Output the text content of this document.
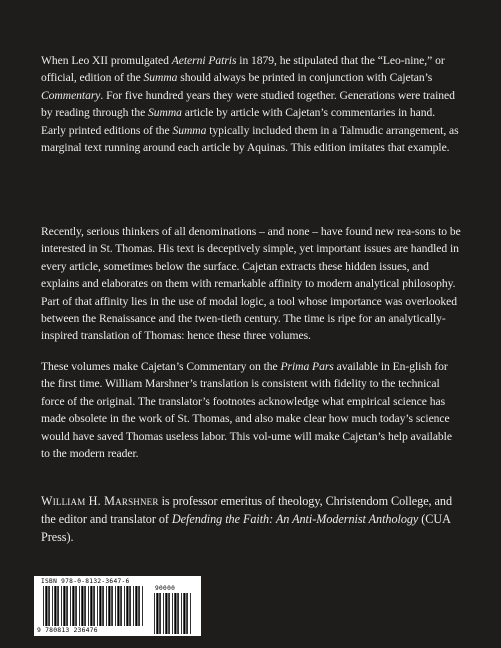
When Leo XII promulgated Aeterni Patris in 1879, he stipulated that the “Leo-nine,” or official, edition of the Summa should always be printed in conjunction with Cajetan’s Commentary. For five hundred years they were studied together. Generations were trained by reading through the Summa article by article with Cajetan’s commentaries in hand. Early printed editions of the Summa typically included them in a Talmudic arrangement, as marginal text running around each article by Aquinas. This edition imitates that example.
Recently, serious thinkers of all denominations – and none – have found new rea-sons to be interested in St. Thomas. His text is deceptively simple, yet important issues are handled in every article, sometimes below the surface. Cajetan extracts these hidden issues, and explains and elaborates on them with remarkable affinity to modern analytical philosophy. Part of that affinity lies in the use of modal logic, a tool whose importance was overlooked between the Renaissance and the twen-tieth century. The time is ripe for an analytically-inspired translation of Thomas: hence these three volumes.
These volumes make Cajetan’s Commentary on the Prima Pars available in En-glish for the first time. William Marshner’s translation is consistent with fidelity to the technical force of the original. The translator’s footnotes acknowledge what empirical science has made obsolete in the work of St. Thomas, and also make clear how much today’s science would have saved Thomas useless labor. This vol-ume will make Cajetan’s help available to the modern reader.
William H. Marshner is professor emeritus of theology, Christendom College, and the editor and translator of Defending the Faith: An Anti-Modernist Anthology (CUA Press).
ISBN 978-0-8132-3647-6
90000
9 780813 236476
